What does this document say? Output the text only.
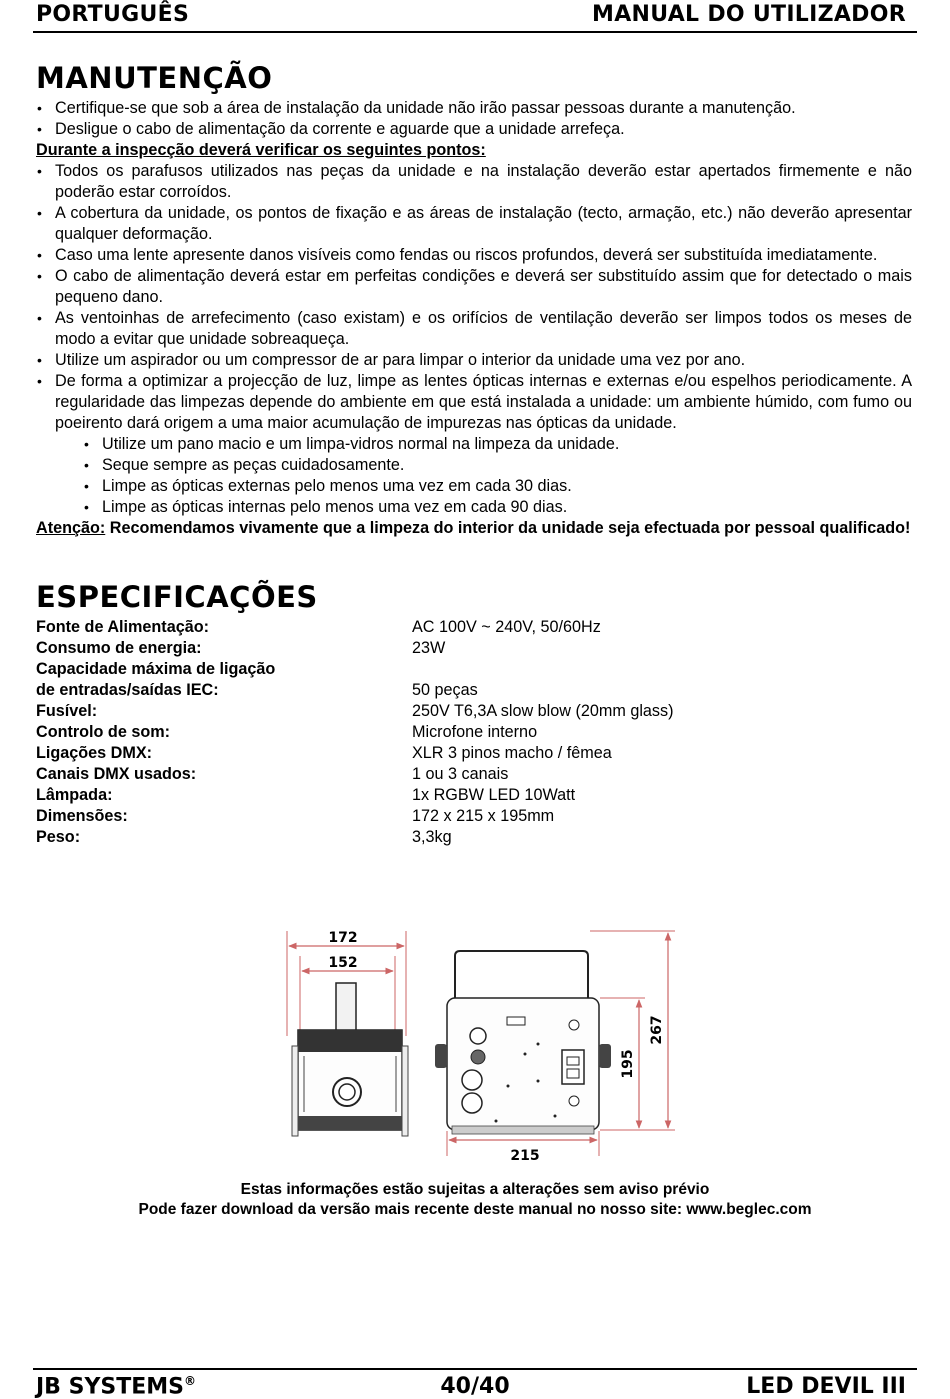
PORTUGUÊS	MANUAL DO UTILIZADOR
MANUTENÇÃO
• Certifique-se que sob a área de instalação da unidade não irão passar pessoas durante a manutenção.
• Desligue o cabo de alimentação da corrente e aguarde que a unidade arrefeça.
Durante a inspecção deverá verificar os seguintes pontos:
• Todos os parafusos utilizados nas peças da unidade e na instalação deverão estar apertados firmemente e não poderão estar corroídos.
• A cobertura da unidade, os pontos de fixação e as áreas de instalação (tecto, armação, etc.) não deverão apresentar qualquer deformação.
• Caso uma lente apresente danos visíveis como fendas ou riscos profundos, deverá ser substituída imediatamente.
• O cabo de alimentação deverá estar em perfeitas condições e deverá ser substituído assim que for detectado o mais pequeno dano.
• As ventoinhas de arrefecimento (caso existam) e os orifícios de ventilação deverão ser limpos todos os meses de modo a evitar que unidade sobreaqueça.
• Utilize um aspirador ou um compressor de ar para limpar o interior da unidade uma vez por ano.
• De forma a optimizar a projecção de luz, limpe as lentes ópticas internas e externas e/ou espelhos periodicamente. A regularidade das limpezas depende do ambiente em que está instalada a unidade: um ambiente húmido, com fumo ou poeirento dará origem a uma maior acumulação de impurezas nas ópticas da unidade.
• Utilize um pano macio e um limpa-vidros normal na limpeza da unidade.
• Seque sempre as peças cuidadosamente.
• Limpe as ópticas externas pelo menos uma vez em cada 30 dias.
• Limpe as ópticas internas pelo menos uma vez em cada 90 dias.
Atenção: Recomendamos vivamente que a limpeza do interior da unidade seja efectuada por pessoal qualificado!
ESPECIFICAÇÕES
Fonte de Alimentação:	AC 100V ~ 240V, 50/60Hz
Consumo de energia:	23W
Capacidade máxima de ligação	
de entradas/saídas IEC:	50 peças
Fusível:	250V T6,3A slow blow (20mm glass)
Controlo de som:	Microfone interno
Ligações DMX:	XLR 3 pinos macho / fêmea
Canais DMX usados:	1 ou 3 canais
Lâmpada:	1x RGBW LED 10Watt
Dimensões:	172 x 215 x 195mm
Peso:	3,3kg
172
152
215
195
267
Estas informações estão sujeitas a alterações sem aviso prévio
Pode fazer download da versão mais recente deste manual no nosso site: www.beglec.com
JB SYSTEMS®	40/40	LED DEVIL III
